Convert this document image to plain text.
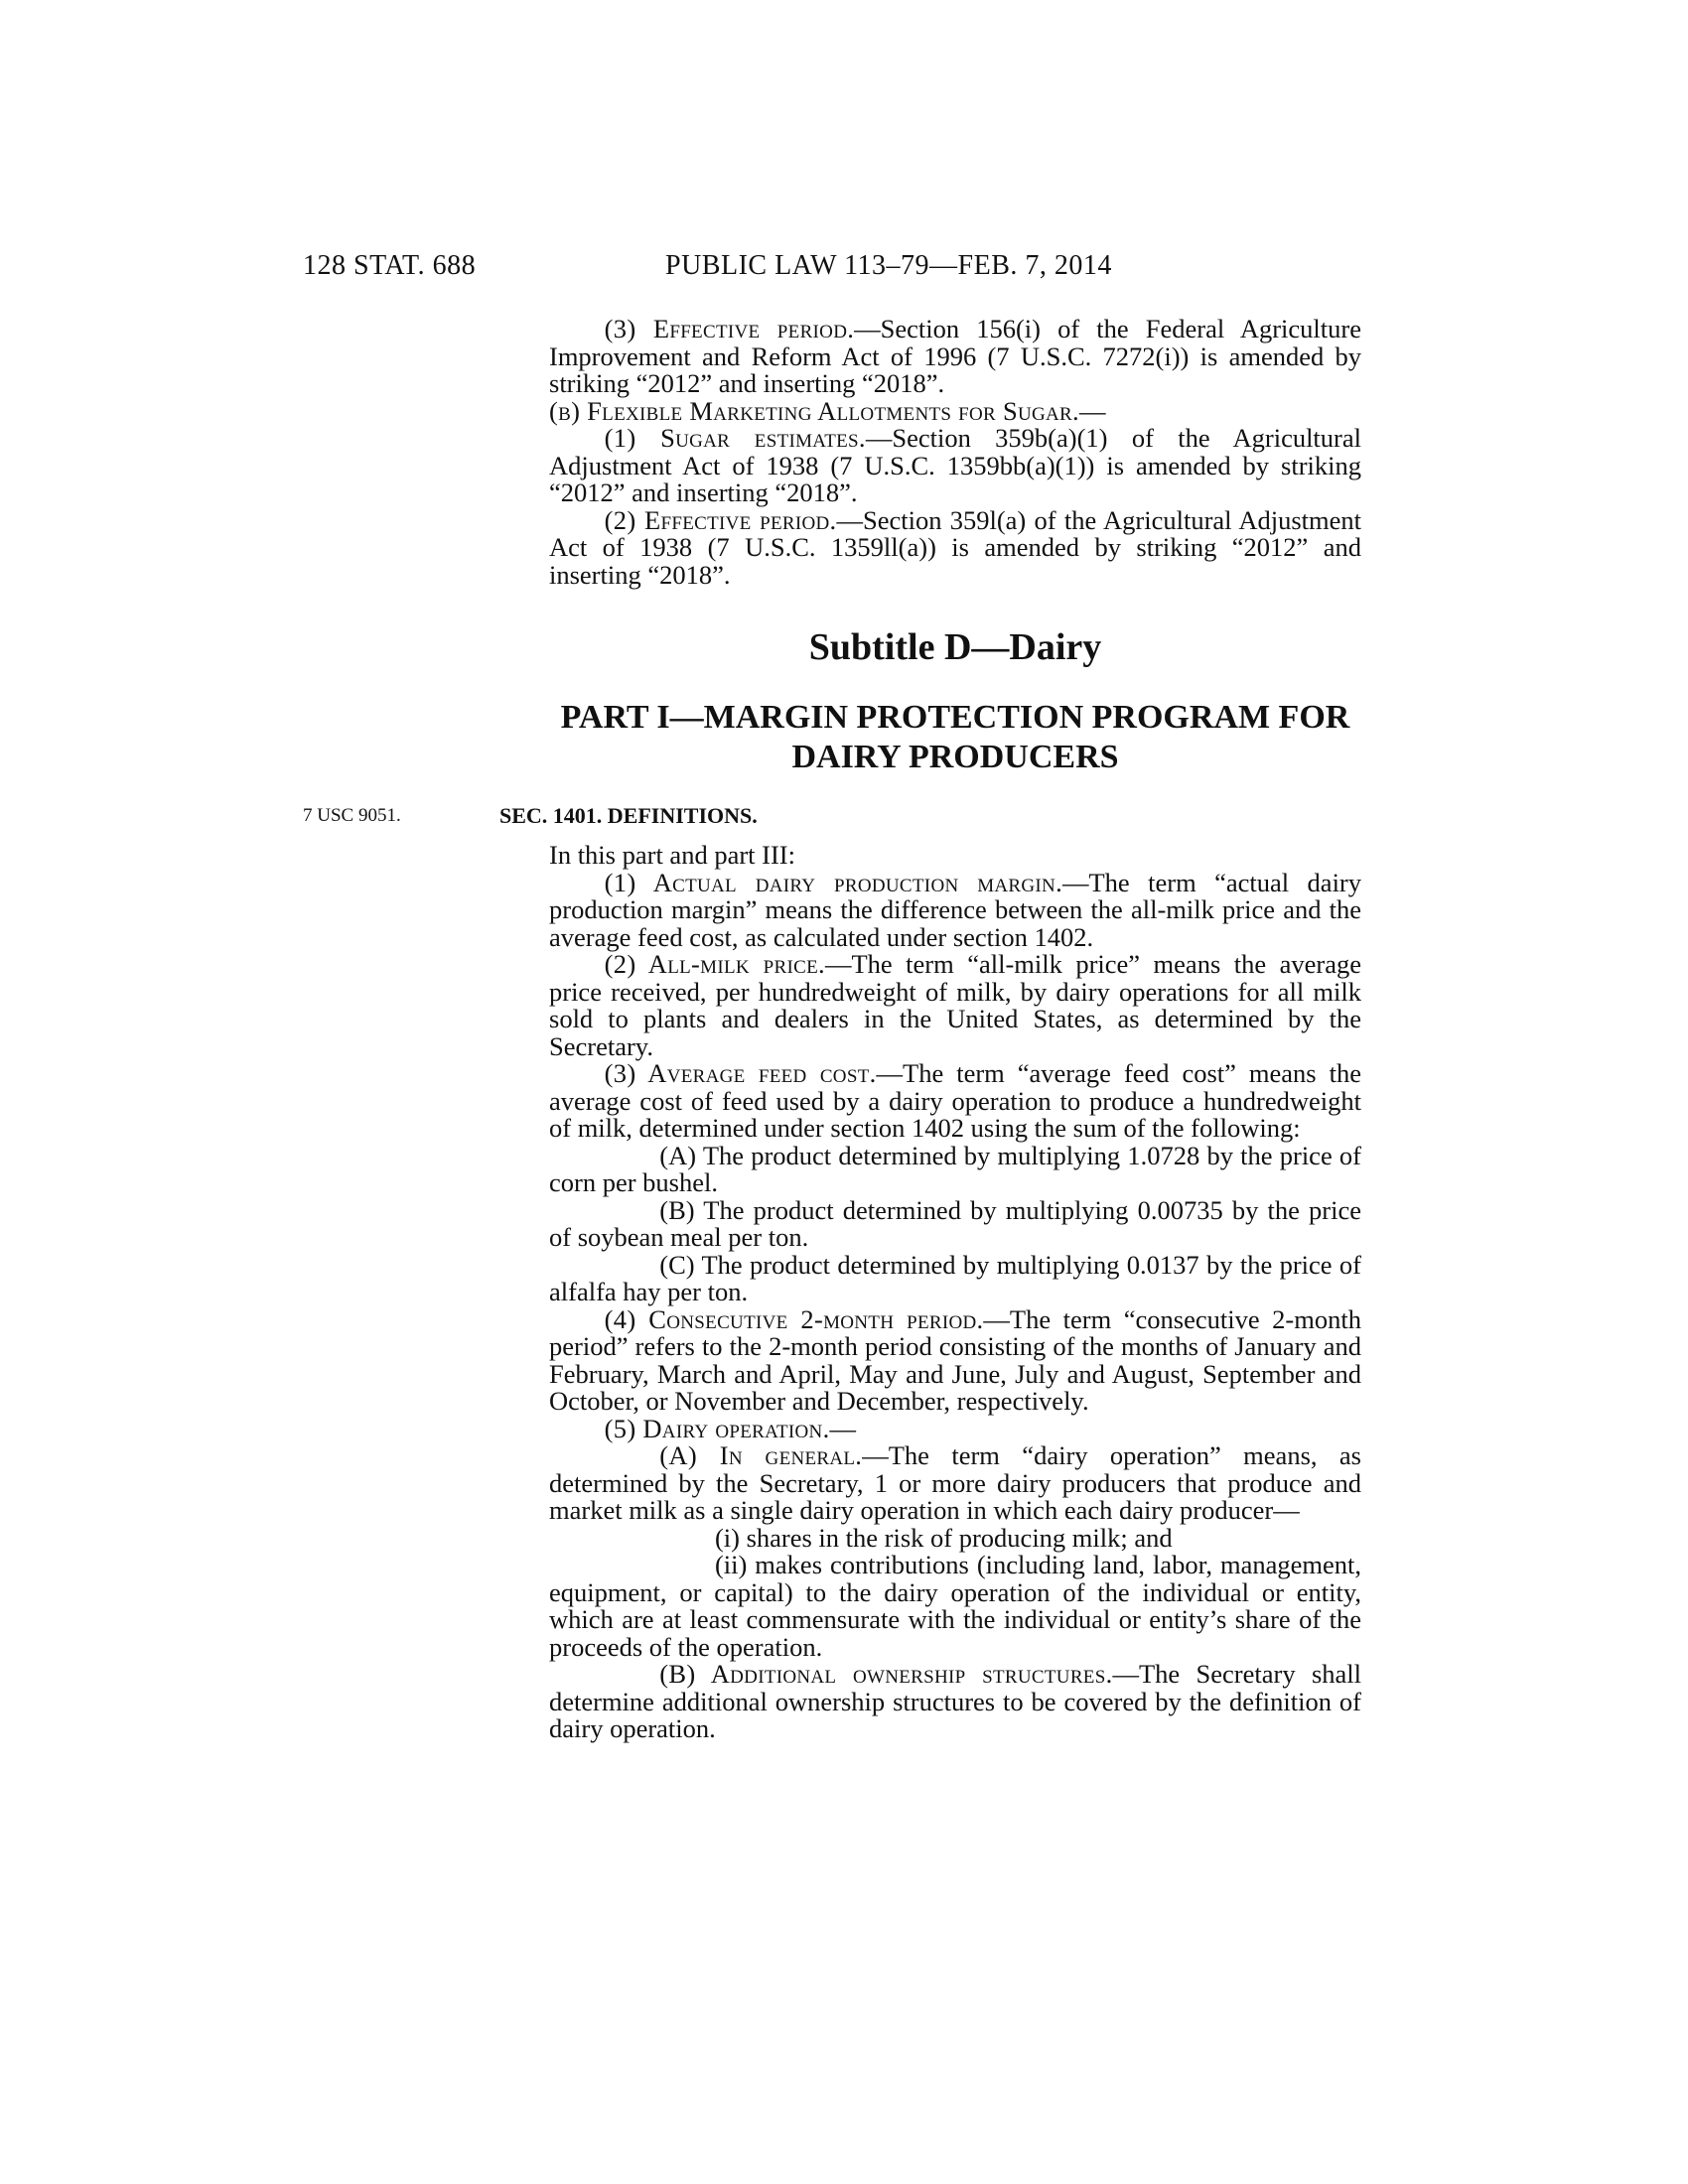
128 STAT. 688	PUBLIC LAW 113–79—FEB. 7, 2014

(3) Effective period.—Section 156(i) of the Federal Agriculture Improvement and Reform Act of 1996 (7 U.S.C. 7272(i)) is amended by striking “2012” and inserting “2018”.

(b) Flexible Marketing Allotments for Sugar.—

(1) Sugar estimates.—Section 359b(a)(1) of the Agricultural Adjustment Act of 1938 (7 U.S.C. 1359bb(a)(1)) is amended by striking “2012” and inserting “2018”.

(2) Effective period.—Section 359l(a) of the Agricultural Adjustment Act of 1938 (7 U.S.C. 1359ll(a)) is amended by striking “2012” and inserting “2018”.

Subtitle D—Dairy
PART I—MARGIN PROTECTION PROGRAM FOR DAIRY PRODUCERS
7 USC 9051.	SEC. 1401. DEFINITIONS.

In this part and part III:

(1) Actual dairy production margin.—The term “actual dairy production margin” means the difference between the all-milk price and the average feed cost, as calculated under section 1402.

(2) All-milk price.—The term “all-milk price” means the average price received, per hundredweight of milk, by dairy operations for all milk sold to plants and dealers in the United States, as determined by the Secretary.

(3) Average feed cost.—The term “average feed cost” means the average cost of feed used by a dairy operation to produce a hundredweight of milk, determined under section 1402 using the sum of the following:

(A) The product determined by multiplying 1.0728 by the price of corn per bushel.

(B) The product determined by multiplying 0.00735 by the price of soybean meal per ton.

(C) The product determined by multiplying 0.0137 by the price of alfalfa hay per ton.

(4) Consecutive 2-month period.—The term “consecutive 2-month period” refers to the 2-month period consisting of the months of January and February, March and April, May and June, July and August, September and October, or November and December, respectively.

(5) Dairy operation.—

(A) In general.—The term “dairy operation” means, as determined by the Secretary, 1 or more dairy producers that produce and market milk as a single dairy operation in which each dairy producer—

(i) shares in the risk of producing milk; and

(ii) makes contributions (including land, labor, management, equipment, or capital) to the dairy operation of the individual or entity, which are at least commensurate with the individual or entity’s share of the proceeds of the operation.

(B) Additional ownership structures.—The Secretary shall determine additional ownership structures to be covered by the definition of dairy operation.
